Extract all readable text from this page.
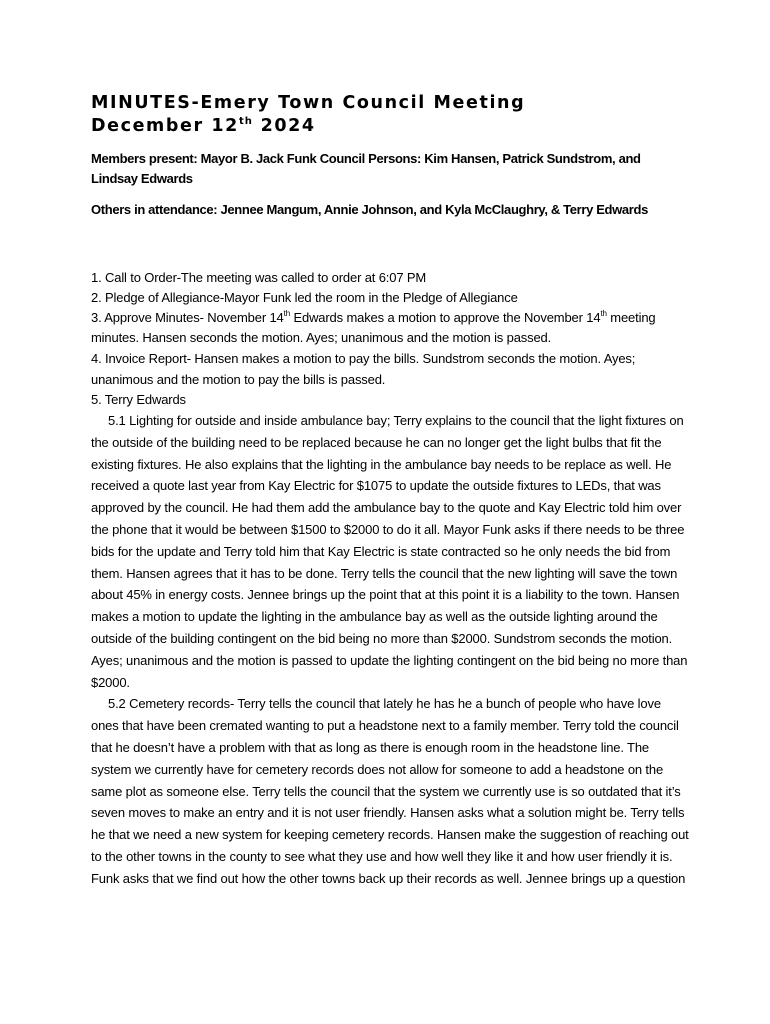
MINUTES-Emery Town Council Meeting
December 12th 2024

Members present: Mayor B. Jack Funk Council Persons: Kim Hansen, Patrick Sundstrom, and Lindsay Edwards

Others in attendance: Jennee Mangum, Annie Johnson, and Kyla McClaughry, & Terry Edwards

1. Call to Order-The meeting was called to order at 6:07 PM

2. Pledge of Allegiance-Mayor Funk led the room in the Pledge of Allegiance

3. Approve Minutes- November 14th Edwards makes a motion to approve the November 14th meeting minutes. Hansen seconds the motion. Ayes; unanimous and the motion is passed.

4. Invoice Report- Hansen makes a motion to pay the bills. Sundstrom seconds the motion. Ayes; unanimous and the motion to pay the bills is passed.

5. Terry Edwards

5.1 Lighting for outside and inside ambulance bay; Terry explains to the council that the light fixtures on the outside of the building need to be replaced because he can no longer get the light bulbs that fit the existing fixtures. He also explains that the lighting in the ambulance bay needs to be replace as well. He received a quote last year from Kay Electric for $1075 to update the outside fixtures to LEDs, that was approved by the council. He had them add the ambulance bay to the quote and Kay Electric told him over the phone that it would be between $1500 to $2000 to do it all. Mayor Funk asks if there needs to be three bids for the update and Terry told him that Kay Electric is state contracted so he only needs the bid from them. Hansen agrees that it has to be done. Terry tells the council that the new lighting will save the town about 45% in energy costs. Jennee brings up the point that at this point it is a liability to the town. Hansen makes a motion to update the lighting in the ambulance bay as well as the outside lighting around the outside of the building contingent on the bid being no more than $2000. Sundstrom seconds the motion. Ayes; unanimous and the motion is passed to update the lighting contingent on the bid being no more than $2000.

5.2 Cemetery records- Terry tells the council that lately he has he a bunch of people who have love ones that have been cremated wanting to put a headstone next to a family member. Terry told the council that he doesn’t have a problem with that as long as there is enough room in the headstone line. The system we currently have for cemetery records does not allow for someone to add a headstone on the same plot as someone else. Terry tells the council that the system we currently use is so outdated that it’s seven moves to make an entry and it is not user friendly. Hansen asks what a solution might be. Terry tells he that we need a new system for keeping cemetery records. Hansen make the suggestion of reaching out to the other towns in the county to see what they use and how well they like it and how user friendly it is. Funk asks that we find out how the other towns back up their records as well. Jennee brings up a question
